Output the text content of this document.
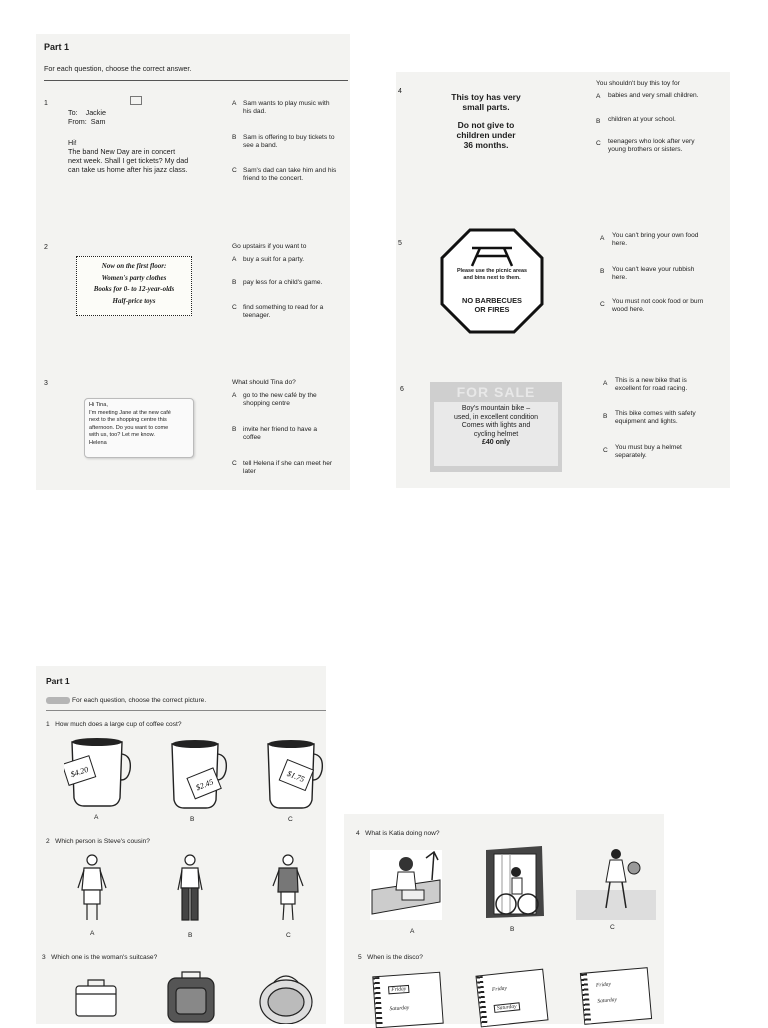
Part 1
For each question, choose the correct answer.
1
To: Jackie
From: Sam
Hi!
The band New Day are in concert
next week. Shall I get tickets? My dad
can take us home after his jazz class.
A Sam wants to play music with
his dad.
B Sam is offering to buy tickets to
see a band.
C Sam's dad can take him and his
friend to the concert.
2
Now on the first floor:
Women's party clothes
Books for 0- to 12-year-olds
Half-price toys
Go upstairs if you want to
A buy a suit for a party.
B pay less for a child's game.
C find something to read for a
teenager.
3
Hi Tina,
I'm meeting Jane at the new café
next to the shopping centre this
afternoon. Do you want to come
with us, too? Let me know.
Helena
What should Tina do?
A go to the new café by the
shopping centre
B invite her friend to have a
coffee
C tell Helena if she can meet her
later
4
This toy has very
small parts.
Do not give to
children under
36 months.
You shouldn't buy this toy for
A	babies and very small children.
B	children at your school.
C	teenagers who look after very
young brothers or sisters.
5
Please use the picnic areas
and bins next to them.
NO BARBECUES
OR FIRES
A	You can't bring your own food
here.
B	You can't leave your rubbish
here.
C	You must not cook food or burn
wood here.
6	FOR SALE
Boy's mountain bike –
used, in excellent condition
Comes with lights and
cycling helmet
£40 only
A	This is a new bike that is
excellent for road racing.
B	This bike comes with safety
equipment and lights.
C	You must buy a helmet
separately.
Part 1
For each question, choose the correct picture.
1 How much does a large cup of coffee cost?
$4.20
$2.45
$1.75
A	B	C
2 Which person is Steve's cousin?
A	B	C
3 Which one is the woman's suitcase?
4 What is Katia doing now?
A	B	C
5 When is the disco?
Friday
Saturday
Friday
Saturday
Friday
Saturday
